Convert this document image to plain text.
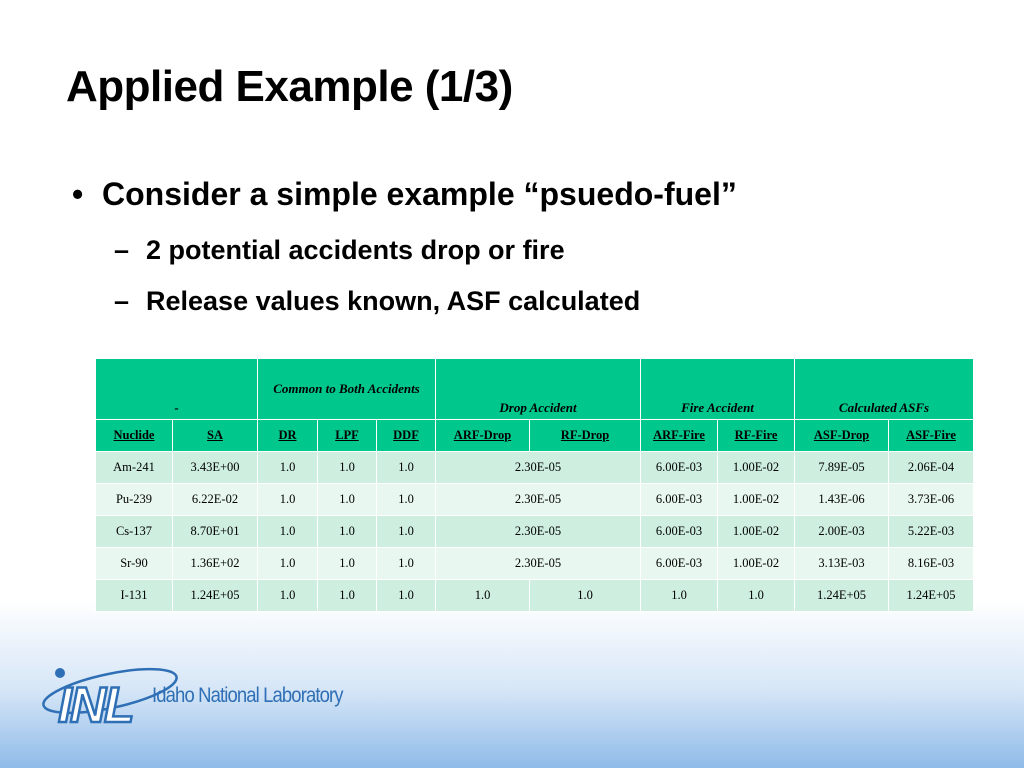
Applied Example (1/3)
• Consider a simple example “psuedo-fuel”
– 2 potential accidents drop or fire
– Release values known, ASF calculated
-		Common to Both Accidents			Drop Accident		Fire Accident		Calculated ASFs	
Nuclide	SA	DR	LPF	DDF	ARF-Drop	RF-Drop	ARF-Fire	RF-Fire	ASF-Drop	ASF-Fire
Am-241	3.43E+00	1.0	1.0	1.0	2.30E-05		6.00E-03	1.00E-02	7.89E-05	2.06E-04
Pu-239	6.22E-02	1.0	1.0	1.0	2.30E-05		6.00E-03	1.00E-02	1.43E-06	3.73E-06
Cs-137	8.70E+01	1.0	1.0	1.0	2.30E-05		6.00E-03	1.00E-02	2.00E-03	5.22E-03
Sr-90	1.36E+02	1.0	1.0	1.0	2.30E-05		6.00E-03	1.00E-02	3.13E-03	8.16E-03
I-131	1.24E+05	1.0	1.0	1.0	1.0	1.0	1.0	1.0	1.24E+05	1.24E+05
INL Idaho National Laboratory
